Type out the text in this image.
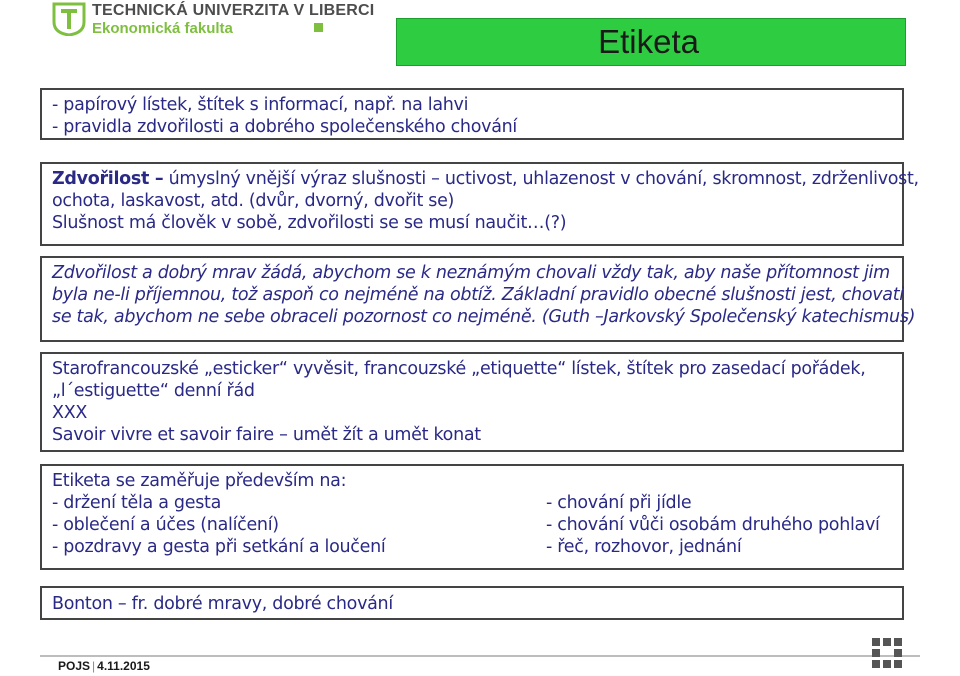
TECHNICKÁ UNIVERZITA V LIBERCI
Ekonomická fakulta	Etiketa
- papírový lístek, štítek s informací, např. na lahvi
- pravidla zdvořilosti a dobrého společenského chování
Zdvořilost – úmyslný vnější výraz slušnosti – uctivost, uhlazenost v chování, skromnost, zdrženlivost,
ochota, laskavost, atd. (dvůr, dvorný, dvořit se)
Slušnost má člověk v sobě, zdvořilosti se se musí naučit…(?)
Zdvořilost a dobrý mrav žádá, abychom se k neznámým chovali vždy tak, aby naše přítomnost jim
byla ne-li příjemnou, tož aspoň co nejméně na obtíž. Základní pravidlo obecné slušnosti jest, chovati
se tak, abychom ne sebe obraceli pozornost co nejméně. (Guth –Jarkovský Společenský katechismus)
Starofrancouzské „esticker“ vyvěsit, francouzské „etiquette“ lístek, štítek pro zasedací pořádek,
„l´estiguette“ denní řád
XXX
Savoir vivre et savoir faire – umět žít a umět konat
Etiketa se zaměřuje především na:
- držení těla a gesta	- chování při jídle
- oblečení a účes (nalíčení)	- chování vůči osobám druhého pohlaví
- pozdravy a gesta při setkání a loučení	- řeč, rozhovor, jednání
Bonton – fr. dobré mravy, dobré chování
POJS | 4.11.2015
